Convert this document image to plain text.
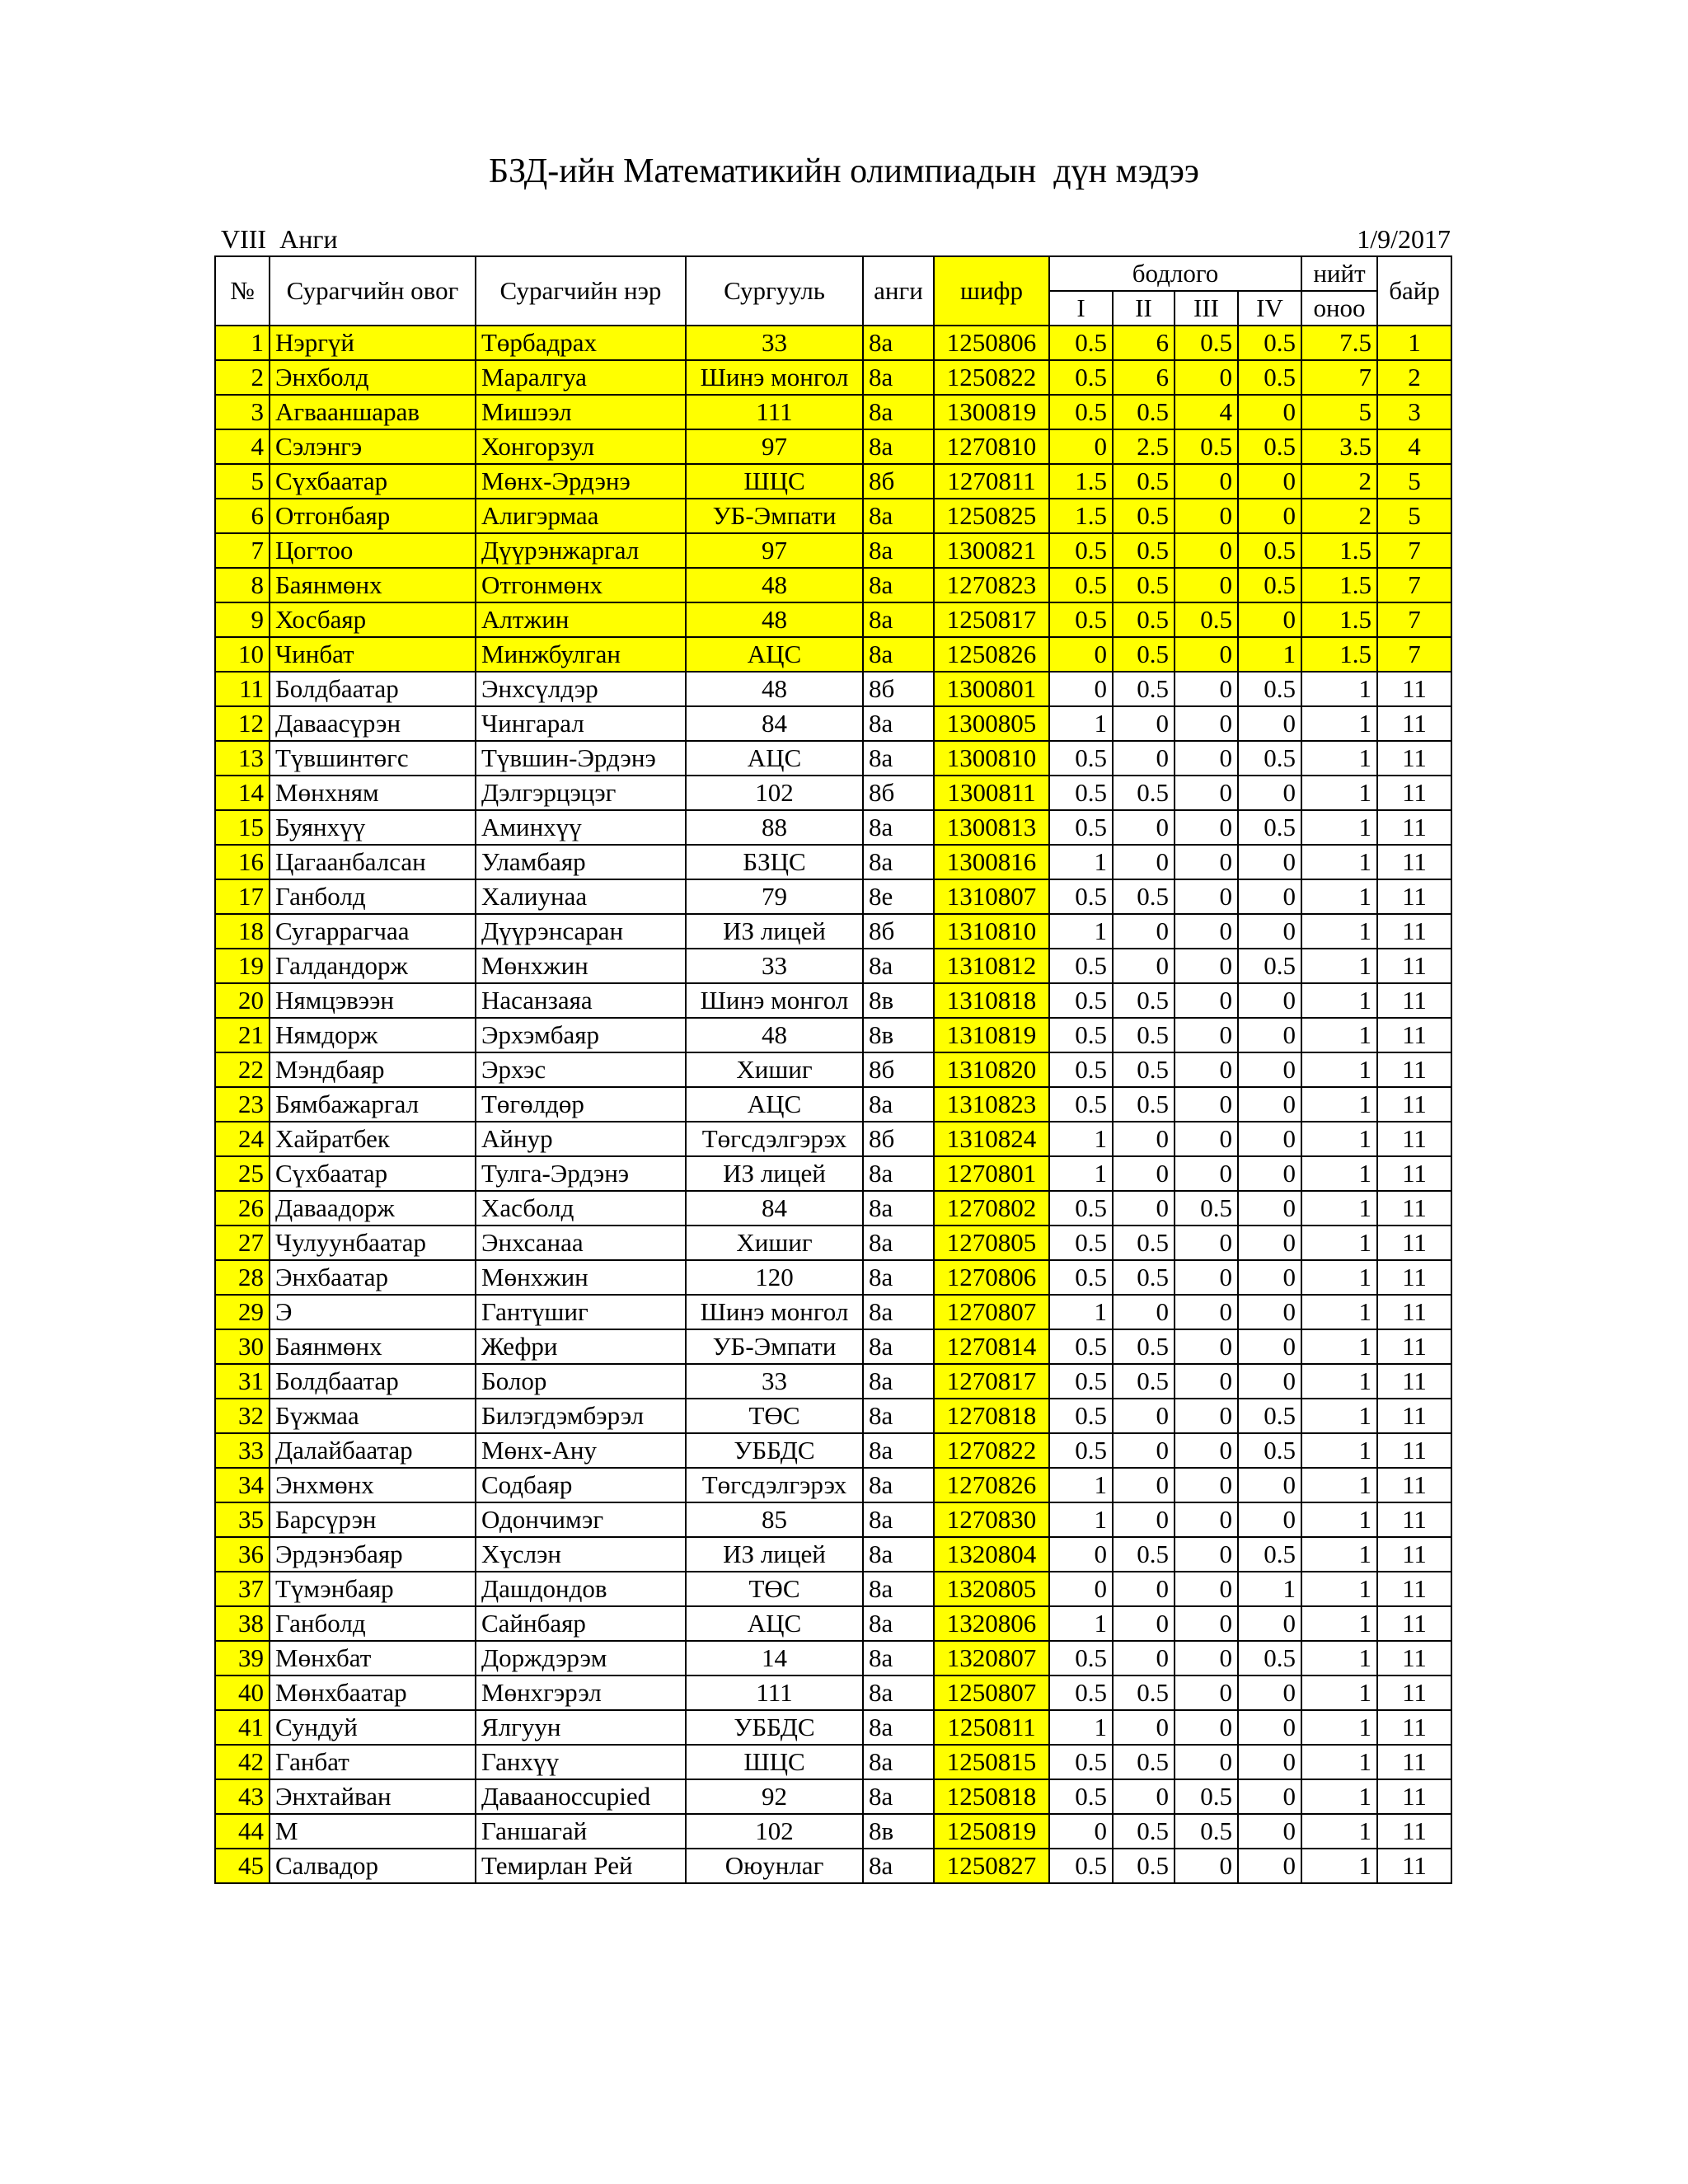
БЗД-ийн Математикийн олимпиадын  дүн мэдээ
VIII  Анги	1/9/2017
№	Сурагчийн овог	Сурагчийн нэр	Сургууль	анги	шифр	бодлого				нийт	байр
						I	II	III	IV	оноо	
1	Нэргүй	Төрбадрах	33	8а	1250806	0.5	6	0.5	0.5	7.5	1
2	Энхболд	Маралгуа	Шинэ монгол	8а	1250822	0.5	6	0	0.5	7	2
3	Агвааншарав	Мишээл	111	8а	1300819	0.5	0.5	4	0	5	3
4	Сэлэнгэ	Хонгорзул	97	8а	1270810	0	2.5	0.5	0.5	3.5	4
5	Сүхбаатар	Мөнх-Эрдэнэ	ШЦС	8б	1270811	1.5	0.5	0	0	2	5
6	Отгонбаяр	Алигэрмаа	УБ-Эмпати	8а	1250825	1.5	0.5	0	0	2	5
7	Цогтоо	Дүүрэнжаргал	97	8а	1300821	0.5	0.5	0	0.5	1.5	7
8	Баянмөнх	Отгонмөнх	48	8а	1270823	0.5	0.5	0	0.5	1.5	7
9	Хосбаяр	Алтжин	48	8а	1250817	0.5	0.5	0.5	0	1.5	7
10	Чинбат	Минжбулган	АЦС	8а	1250826	0	0.5	0	1	1.5	7
11	Болдбаатар	Энхсүлдэр	48	8б	1300801	0	0.5	0	0.5	1	11
12	Даваасүрэн	Чингарал	84	8а	1300805	1	0	0	0	1	11
13	Түвшинтөгс	Түвшин-Эрдэнэ	АЦС	8а	1300810	0.5	0	0	0.5	1	11
14	Мөнхням	Дэлгэрцэцэг	102	8б	1300811	0.5	0.5	0	0	1	11
15	Буянхүү	Аминхүү	88	8а	1300813	0.5	0	0	0.5	1	11
16	Цагаанбалсан	Уламбаяр	БЗЦС	8а	1300816	1	0	0	0	1	11
17	Ганболд	Халиунаа	79	8е	1310807	0.5	0.5	0	0	1	11
18	Сугаррагчаа	Дүүрэнсаран	ИЗ лицей	8б	1310810	1	0	0	0	1	11
19	Галдандорж	Мөнхжин	33	8а	1310812	0.5	0	0	0.5	1	11
20	Нямцэвээн	Насанзаяа	Шинэ монгол	8в	1310818	0.5	0.5	0	0	1	11
21	Нямдорж	Эрхэмбаяр	48	8в	1310819	0.5	0.5	0	0	1	11
22	Мэндбаяр	Эрхэс	Хишиг	8б	1310820	0.5	0.5	0	0	1	11
23	Бямбажаргал	Төгөлдөр	АЦС	8а	1310823	0.5	0.5	0	0	1	11
24	Хайратбек	Айнур	Төгсдэлгэрэх	8б	1310824	1	0	0	0	1	11
25	Сүхбаатар	Тулга-Эрдэнэ	ИЗ лицей	8а	1270801	1	0	0	0	1	11
26	Даваадорж	Хасболд	84	8а	1270802	0.5	0	0.5	0	1	11
27	Чулуунбаатар	Энхсанаа	Хишиг	8а	1270805	0.5	0.5	0	0	1	11
28	Энхбаатар	Мөнхжин	120	8а	1270806	0.5	0.5	0	0	1	11
29	Э	Гантүшиг	Шинэ монгол	8а	1270807	1	0	0	0	1	11
30	Баянмөнх	Жефри	УБ-Эмпати	8а	1270814	0.5	0.5	0	0	1	11
31	Болдбаатар	Болор	33	8а	1270817	0.5	0.5	0	0	1	11
32	Бүжмаа	Билэгдэмбэрэл	ТӨС	8а	1270818	0.5	0	0	0.5	1	11
33	Далайбаатар	Мөнх-Ану	УББДС	8а	1270822	0.5	0	0	0.5	1	11
34	Энхмөнх	Содбаяр	Төгсдэлгэрэх	8а	1270826	1	0	0	0	1	11
35	Барсүрэн	Одончимэг	85	8а	1270830	1	0	0	0	1	11
36	Эрдэнэбаяр	Хүслэн	ИЗ лицей	8а	1320804	0	0.5	0	0.5	1	11
37	Түмэнбаяр	Дашдондов	ТӨС	8а	1320805	0	0	0	1	1	11
38	Ганболд	Сайнбаяр	АЦС	8а	1320806	1	0	0	0	1	11
39	Мөнхбат	Дорждэрэм	14	8а	1320807	0.5	0	0	0.5	1	11
40	Мөнхбаатар	Мөнхгэрэл	111	8а	1250807	0.5	0.5	0	0	1	11
41	Сундуй	Ялгуун	УББДС	8а	1250811	1	0	0	0	1	11
42	Ганбат	Ганхүү	ШЦС	8а	1250815	0.5	0.5	0	0	1	11
43	Энхтайван	Даваанoccupied	92	8а	1250818	0.5	0	0.5	0	1	11
44	М	Ганшагай	102	8в	1250819	0	0.5	0.5	0	1	11
45	Салвадор	Темирлан Рей	Оюунлаг	8а	1250827	0.5	0.5	0	0	1	11
